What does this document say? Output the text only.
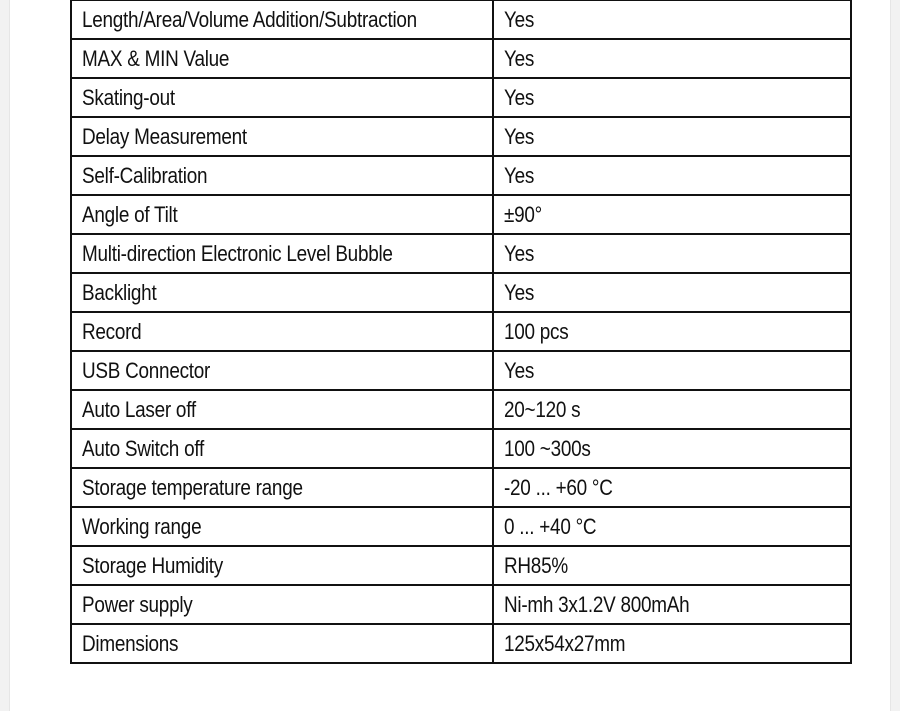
Length/Area/Volume Addition/Subtraction	Yes
MAX & MIN Value	Yes
Skating-out	Yes
Delay Measurement	Yes
Self-Calibration	Yes
Angle of Tilt	±90°
Multi-direction Electronic Level Bubble	Yes
Backlight	Yes
Record	100 pcs
USB Connector	Yes
Auto Laser off	20~120 s
Auto Switch off	100 ~300s
Storage temperature range	-20 ... +60 °C
Working range	0 ... +40 °C
Storage Humidity	RH85%
Power supply	Ni-mh 3x1.2V 800mAh
Dimensions	125x54x27mm
